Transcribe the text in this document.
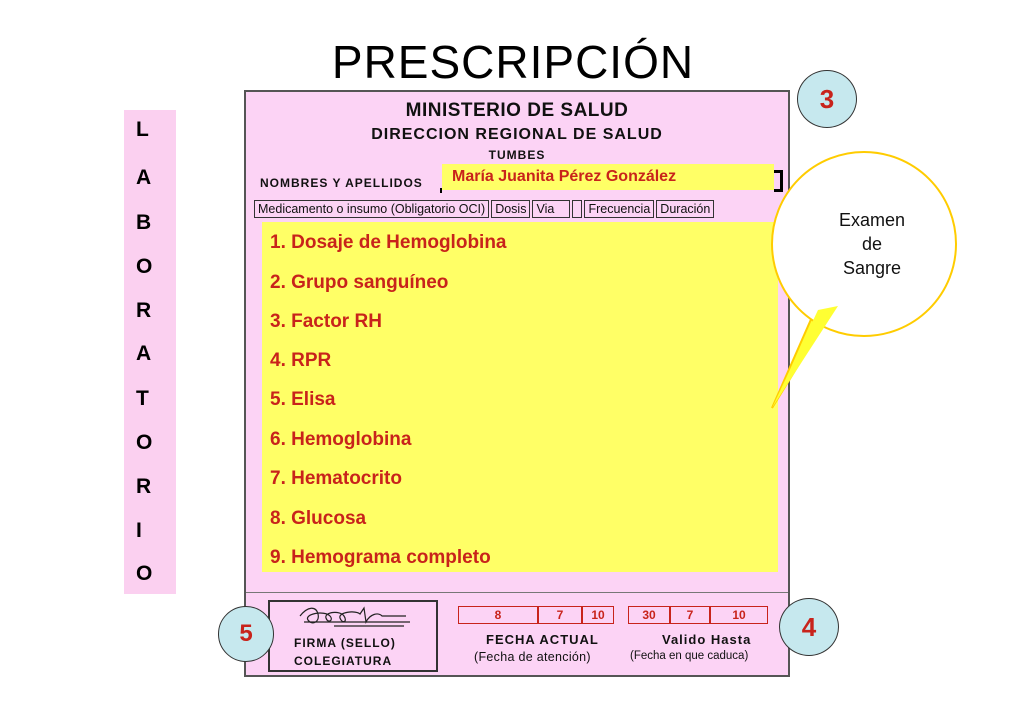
PRESCRIPCIÓN
L
A
B
O
R
A
T
O
R
I
O
MINISTERIO DE SALUD
DIRECCION REGIONAL DE SALUD
TUMBES
NOMBRES Y APELLIDOS	María Juanita Pérez González
Medicamento o insumo (Obligatorio OCI) Dosis Via	Frecuencia Duración
1. Dosaje de Hemoglobina
2. Grupo sanguíneo
3. Factor RH
4. RPR
5. Elisa
6. Hemoglobina
7. Hematocrito
8. Glucosa
9. Hemograma completo
FIRMA (SELLO)
COLEGIATURA
8	7	10	30	7	10
FECHA ACTUAL
(Fecha de atención)
Valido Hasta
(Fecha en que caduca)
Examen
de
Sangre
3
4
5
